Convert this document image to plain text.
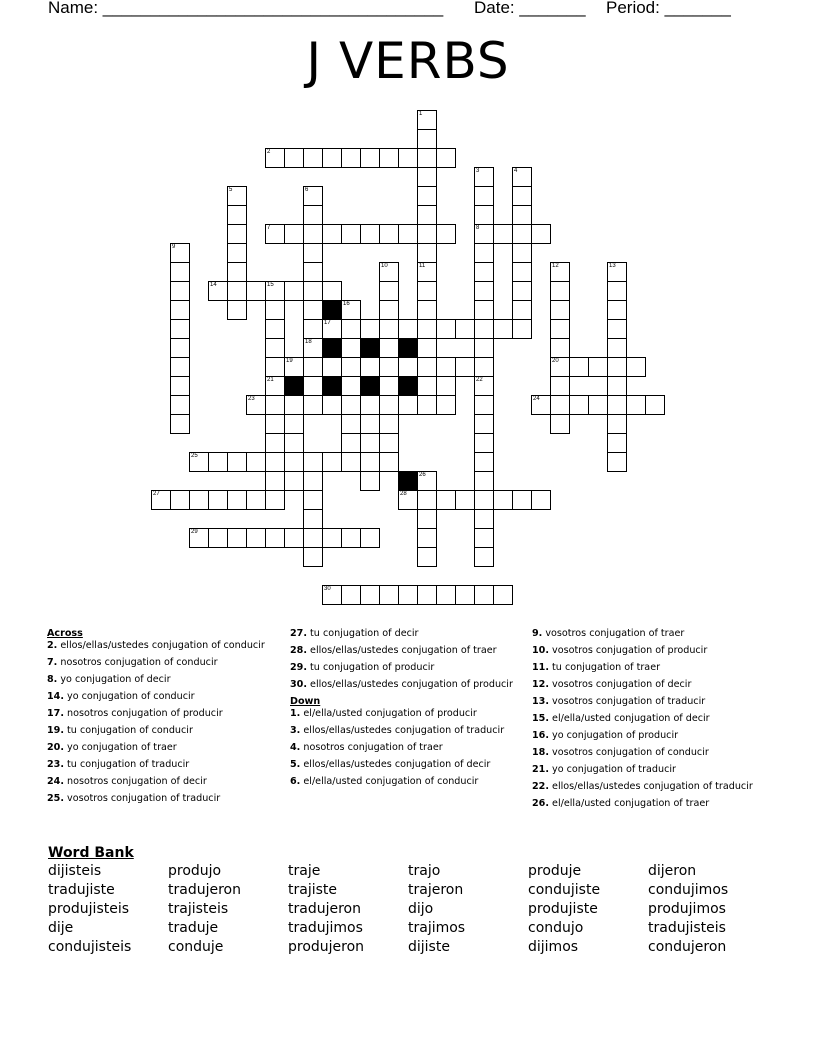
Name: ____________________________________ Date: _______ Period: _______
J VERBS
2
7	8
14	15
17
19	20
21
23	24
25
27	28
29
30
1
11
3
22
4
5	6
18
9
10	12	13
16
26
Across
2. ellos/ellas/ustedes conjugation of conducir
7. nosotros conjugation of conducir
8. yo conjugation of decir
14. yo conjugation of conducir
17. nosotros conjugation of producir
19. tu conjugation of conducir
20. yo conjugation of traer
23. tu conjugation of traducir
24. nosotros conjugation of decir
25. vosotros conjugation of traducir
27. tu conjugation of decir
28. ellos/ellas/ustedes conjugation of traer
29. tu conjugation of producir
30. ellos/ellas/ustedes conjugation of producir
Down
1. el/ella/usted conjugation of producir
3. ellos/ellas/ustedes conjugation of traducir
4. nosotros conjugation of traer
5. ellos/ellas/ustedes conjugation of decir
6. el/ella/usted conjugation of conducir
9. vosotros conjugation of traer
10. vosotros conjugation of producir
11. tu conjugation of traer
12. vosotros conjugation of decir
13. vosotros conjugation of traducir
15. el/ella/usted conjugation of decir
16. yo conjugation of producir
18. vosotros conjugation of conducir
21. yo conjugation of traducir
22. ellos/ellas/ustedes conjugation of traducir
26. el/ella/usted conjugation of traer
Word Bank
dijisteis	produjo	traje	trajo	produje	dijeron
tradujiste	tradujeron	trajiste	trajeron	condujiste	condujimos
produjisteis	trajisteis	tradujeron	dijo	produjiste	produjimos
dije	traduje	tradujimos	trajimos	condujo	tradujisteis
condujisteis	conduje	produjeron	dijiste	dijimos	condujeron
